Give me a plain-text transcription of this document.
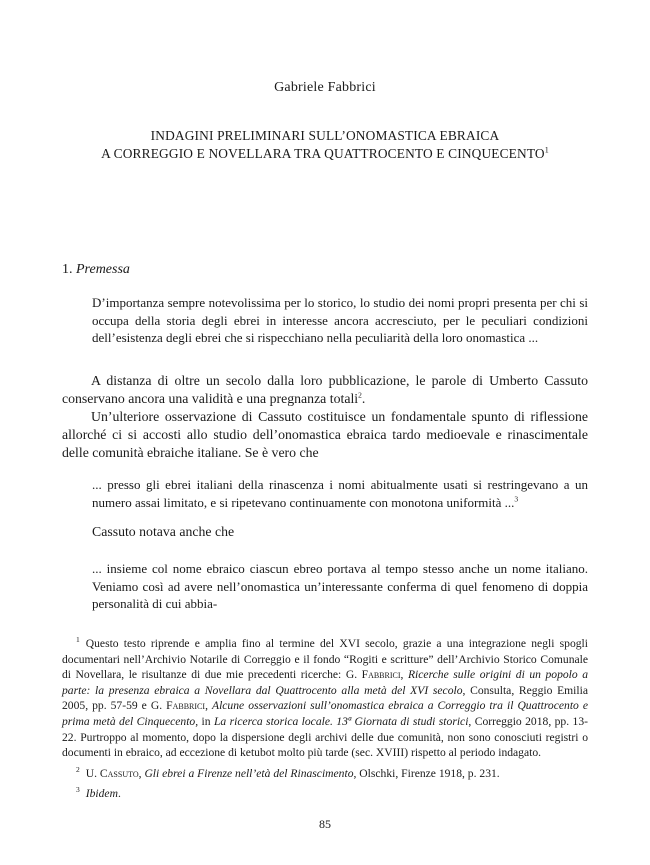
Gabriele Fabbrici
INDAGINI PRELIMINARI SULL’ONOMASTICA EBRAICA
A CORREGGIO E NOVELLARA TRA QUATTROCENTO E CINQUECENTO$^1$
1. Premessa
D’importanza sempre notevolissima per lo storico, lo studio dei nomi propri presenta per chi si occupa della storia degli ebrei in interesse ancora accresciuto, per le peculiari condizioni dell’esistenza degli ebrei che si rispecchiano nella peculiarità della loro onomastica ...
A distanza di oltre un secolo dalla loro pubblicazione, le parole di Umberto Cassuto conservano ancora una validità e una pregnanza totali$^2$.
Un’ulteriore osservazione di Cassuto costituisce un fondamentale spunto di riflessione allorché ci si accosti allo studio dell’onomastica ebraica tardo medioevale e rinascimentale delle comunità ebraiche italiane. Se è vero che
... presso gli ebrei italiani della rinascenza i nomi abitualmente usati si restringevano a un numero assai limitato, e si ripetevano continuamente con monotona uniformità ...$^3$
Cassuto notava anche che
... insieme col nome ebraico ciascun ebreo portava al tempo stesso anche un nome italiano. Veniamo così ad avere nell’onomastica un’interessante conferma di quel fenomeno di doppia personalità di cui abbia-

$^1$ Questo testo riprende e amplia fino al termine del XVI secolo, grazie a una integrazione negli spogli documentari nell’Archivio Notarile di Correggio e il fondo “Rogiti e scritture” dell’Archivio Storico Comunale di Novellara, le risultanze di due mie precedenti ricerche: G. Fabbrici, Ricerche sulle origini di un popolo a parte: la presenza ebraica a Novellara dal Quattrocento alla metà del XVI secolo, Consulta, Reggio Emilia 2005, pp. 57-59 e G. Fabbrici, Alcune osservazioni sull’onomastica ebraica a Correggio tra il Quattrocento e prima metà del Cinquecento, in La ricerca storica locale. 13ª Giornata di studi storici, Correggio 2018, pp. 13-22. Purtroppo al momento, dopo la dispersione degli archivi delle due comunità, non sono conosciuti registri o documenti in ebraico, ad eccezione di ketubot molto più tarde (sec. XVIII) rispetto al periodo indagato.

$^2$ U. Cassuto, Gli ebrei a Firenze nell’età del Rinascimento, Olschki, Firenze 1918, p. 231.

$^3$ Ibidem.

85
